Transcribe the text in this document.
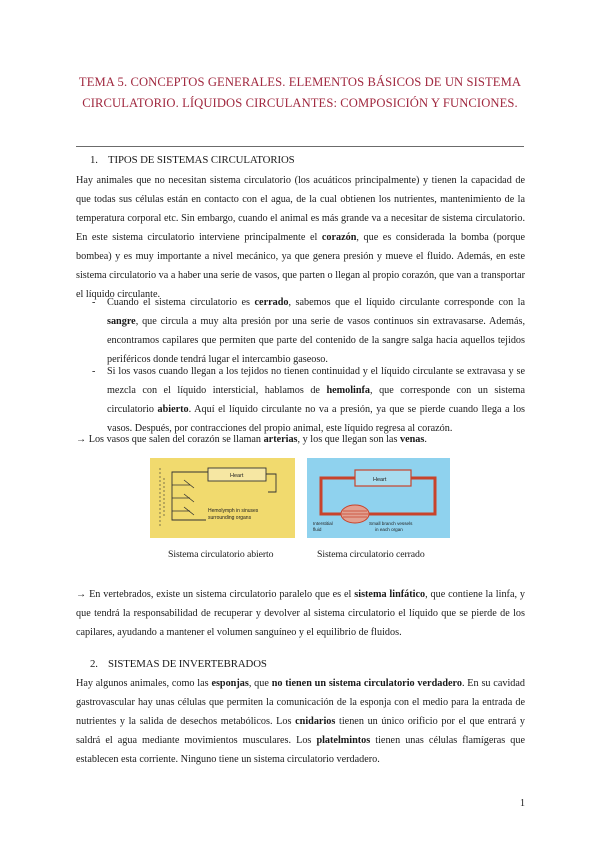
TEMA 5. CONCEPTOS GENERALES. ELEMENTOS BÁSICOS DE UN SISTEMA CIRCULATORIO. LÍQUIDOS CIRCULANTES: COMPOSICIÓN Y FUNCIONES.
1. TIPOS DE SISTEMAS CIRCULATORIOS

Hay animales que no necesitan sistema circulatorio (los acuáticos principalmente) y tienen la capacidad de que todas sus células están en contacto con el agua, de la cual obtienen los nutrientes, mantenimiento de la temperatura corporal etc. Sin embargo, cuando el animal es más grande va a necesitar de sistema circulatorio. En este sistema circulatorio interviene principalmente el corazón, que es considerada la bomba (porque bombea) y es muy importante a nivel mecánico, ya que genera presión y mueve el fluido. Además, en este sistema circulatorio va a haber una serie de vasos, que parten o llegan al propio corazón, que van a transportar el líquido circulante.

- Cuando el sistema circulatorio es cerrado, sabemos que el líquido circulante corresponde con la sangre, que circula a muy alta presión por una serie de vasos continuos sin extravasarse. Además, encontramos capilares que permiten que parte del contenido de la sangre salga hacia aquellos tejidos periféricos donde tendrá lugar el intercambio gaseoso.
- Si los vasos cuando llegan a los tejidos no tienen continuidad y el líquido circulante se extravasa y se mezcla con el líquido intersticial, hablamos de hemolinfa, que corresponde con un sistema circulatorio abierto. Aquí el líquido circulante no va a presión, ya que se pierde cuando llega a los vasos. Después, por contracciones del propio animal, este líquido regresa al corazón.

→ Los vasos que salen del corazón se llaman arterias, y los que llegan son las venas.

Heart
Hemolymph in sinuses
surrounding organs
Heart
Interstitial
fluid
Small branch vessels
in each organ
Sistema circulatorio abierto	Sistema circulatorio cerrado

→ En vertebrados, existe un sistema circulatorio paralelo que es el sistema linfático, que contiene la linfa, y que tendrá la responsabilidad de recuperar y devolver al sistema circulatorio el líquido que se pierde de los capilares, ayudando a mantener el volumen sanguíneo y el equilibrio de fluidos.

2. SISTEMAS DE INVERTEBRADOS

Hay algunos animales, como las esponjas, que no tienen un sistema circulatorio verdadero. En su cavidad gastrovascular hay unas células que permiten la comunicación de la esponja con el medio para la entrada de nutrientes y la salida de desechos metabólicos. Los cnidarios tienen un único orificio por el que entrará y saldrá el agua mediante movimientos musculares. Los platelmintos tienen unas células flamígeras que establecen esta corriente. Ninguno tiene un sistema circulatorio verdadero.

1
